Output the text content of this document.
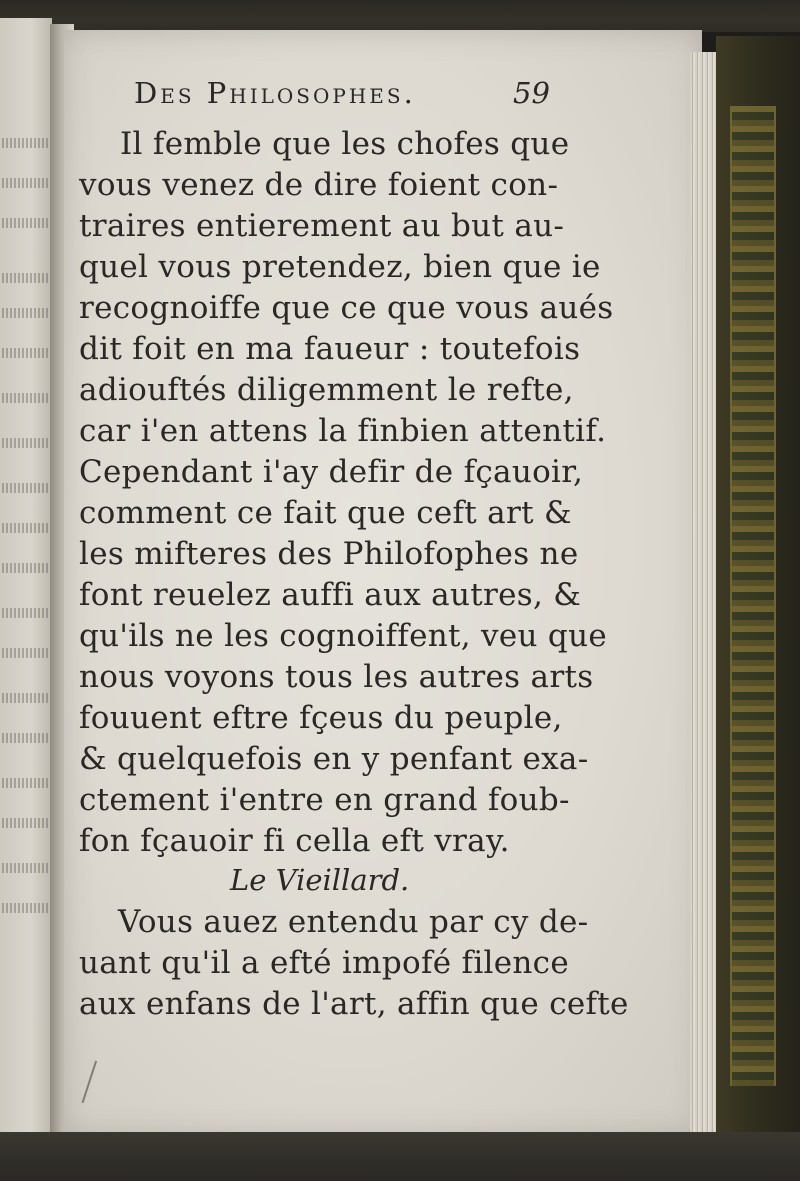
Des Philosophes.	59
Il femble que les chofes que
vous venez de dire foient con-
traires entierement au but au-
quel vous pretendez, bien que ie
recognoiffe que ce que vous aués
dit foit en ma faueur : toutefois
adiouftés diligemment le refte,
car i'en attens la finbien attentif.
Cependant i'ay defir de fçauoir,
comment ce fait que ceft art &
les mifteres des Philofophes ne
font reuelez auffi aux autres, &
qu'ils ne les cognoiffent, veu que
nous voyons tous les autres arts
fouuent eftre fçeus du peuple,
& quelquefois en y penfant exa-
ctement i'entre en grand foub-
fon fçauoir fi cella eft vray.
Le Vieillard.
Vous auez entendu par cy de-
uant qu'il a efté impofé filence
aux enfans de l'art, affin que cefte
